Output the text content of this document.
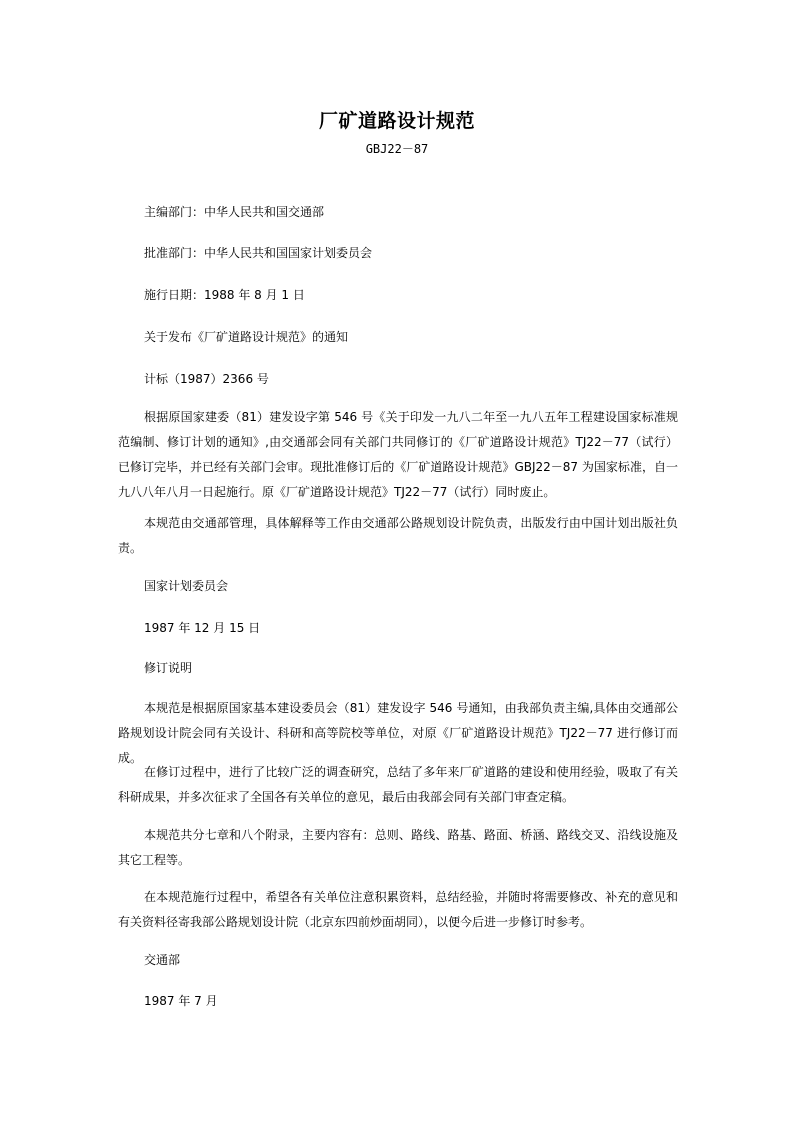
厂矿道路设计规范
GBJ22－87
主编部门：中华人民共和国交通部
批准部门：中华人民共和国国家计划委员会
施行日期：1988 年 8 月 1 日
关于发布《厂矿道路设计规范》的通知
计标（1987）2366 号
根据原国家建委（81）建发设字第 546 号《关于印发一九八二年至一九八五年工程建设国家标准规范编制、修订计划的通知》,由交通部会同有关部门共同修订的《厂矿道路设计规范》TJ22－77（试行）已修订完毕，并已经有关部门会审。现批准修订后的《厂矿道路设计规范》GBJ22－87 为国家标准，自一九八八年八月一日起施行。原《厂矿道路设计规范》TJ22－77（试行）同时废止。
本规范由交通部管理，具体解释等工作由交通部公路规划设计院负责，出版发行由中国计划出版社负责。
国家计划委员会
1987 年 12 月 15 日
修订说明
本规范是根据原国家基本建设委员会（81）建发设字 546 号通知，由我部负责主编,具体由交通部公路规划设计院会同有关设计、科研和高等院校等单位，对原《厂矿道路设计规范》TJ22－77 进行修订而成。
在修订过程中，进行了比较广泛的调查研究，总结了多年来厂矿道路的建设和使用经验，吸取了有关科研成果，并多次征求了全国各有关单位的意见，最后由我部会同有关部门审查定稿。
本规范共分七章和八个附录，主要内容有：总则、路线、路基、路面、桥涵、路线交叉、沿线设施及其它工程等。
在本规范施行过程中，希望各有关单位注意积累资料，总结经验，并随时将需要修改、补充的意见和有关资料径寄我部公路规划设计院（北京东四前炒面胡同），以便今后进一步修订时参考。
交通部
1987 年 7 月
